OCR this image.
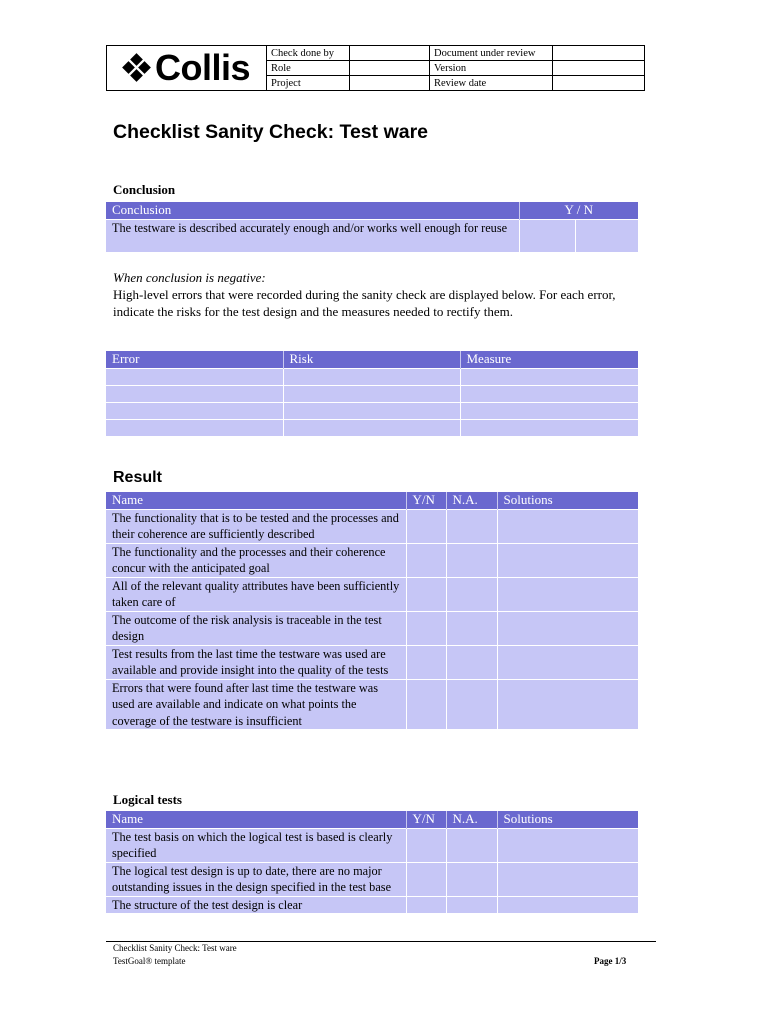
Collis	Check done by		Document under review	
	Role		Version	
	Project		Review date	
Checklist Sanity Check: Test ware
Conclusion
Conclusion	Y / N	
The testware is described accurately enough and/or works well enough for reuse		
When conclusion is negative:
High-level errors that were recorded during the sanity check are displayed below. For each error, indicate the risks for the test design and the measures needed to rectify them.
Error	Risk	Measure

Result
Name	Y/N	N.A.	Solutions
The functionality that is to be tested and the processes and their coherence are sufficiently described			
The functionality and the processes and their coherence concur with the anticipated goal			
All of the relevant quality attributes have been sufficiently taken care of			
The outcome of the risk analysis is traceable in the test design			
Test results from the last time the testware was used are available and provide insight into the quality of the tests			
Errors that were found after last time the testware was used are available and indicate on what points the coverage of the testware is insufficient			
Logical tests
Name	Y/N	N.A.	Solutions
The test basis on which the logical test is based is clearly specified			
The logical test design is up to date, there are no major outstanding issues in the design specified in the test base			
The structure of the test design is clear			
Checklist Sanity Check: Test ware
TestGoal® template	Page 1/3
